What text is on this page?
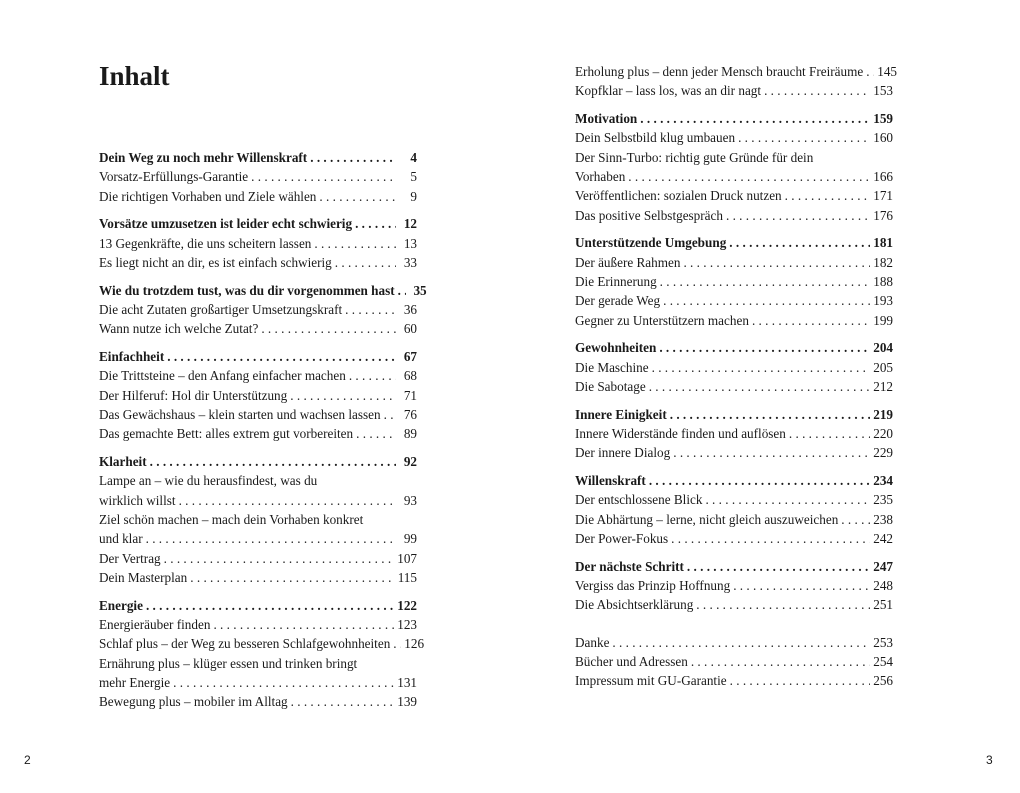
Inhalt
Dein Weg zu noch mehr Willenskraft . . .	4
Vorsatz-Erfüllungs-Garantie . . .	5
Die richtigen Vorhaben und Ziele wählen . . .	9
Vorsätze umzusetzen ist leider echt schwierig . . .	12
13 Gegenkräfte, die uns scheitern lassen . . .	13
Es liegt nicht an dir, es ist einfach schwierig . . .	33
Wie du trotzdem tust, was du dir vorgenommen hast . . .	35
Die acht Zutaten großartiger Umsetzungskraft . . .	36
Wann nutze ich welche Zutat? . . .	60
Einfachheit . . .	67
Die Trittsteine – den Anfang einfacher machen . . .	68
Der Hilferuf: Hol dir Unterstützung . . .	71
Das Gewächshaus – klein starten und wachsen lassen . . .	76
Das gemachte Bett: alles extrem gut vorbereiten . . .	89
Klarheit . . .	92
Lampe an – wie du herausfindest, was du
wirklich willst . . .	93
Ziel schön machen – mach dein Vorhaben konkret
und klar . . .	99
Der Vertrag . . .	107
Dein Masterplan . . .	115
Energie . . .	122
Energieräuber finden . . .	123
Schlaf plus – der Weg zu besseren Schlafgewohnheiten . . . 126
Ernährung plus – klüger essen und trinken bringt
mehr Energie . . .	131
Bewegung plus – mobiler im Alltag . . .	139
Erholung plus – denn jeder Mensch braucht Freiräume . . . 145
Kopfklar – lass los, was an dir nagt . . .	153
Motivation . . .	159
Dein Selbstbild klug umbauen . . .	160
Der Sinn-Turbo: richtig gute Gründe für dein
Vorhaben . . .	166
Veröffentlichen: sozialen Druck nutzen . . .	171
Das positive Selbstgespräch . . .	176
Unterstützende Umgebung . . .	181
Der äußere Rahmen . . .	182
Die Erinnerung . . .	188
Der gerade Weg . . .	193
Gegner zu Unterstützern machen . . .	199
Gewohnheiten . . .	204
Die Maschine . . .	205
Die Sabotage . . .	212
Innere Einigkeit . . .	219
Innere Widerstände finden und auflösen . . .	220
Der innere Dialog . . .	229
Willenskraft . . .	234
Der entschlossene Blick . . .	235
Die Abhärtung – lerne, nicht gleich auszuweichen . . .	238
Der Power-Fokus . . .	242
Der nächste Schritt . . .	247
Vergiss das Prinzip Hoffnung . . .	248
Die Absichtserklärung . . .	251
Danke . . .	253
Bücher und Adressen . . .	254
Impressum mit GU-Garantie . . .	256
2	3
